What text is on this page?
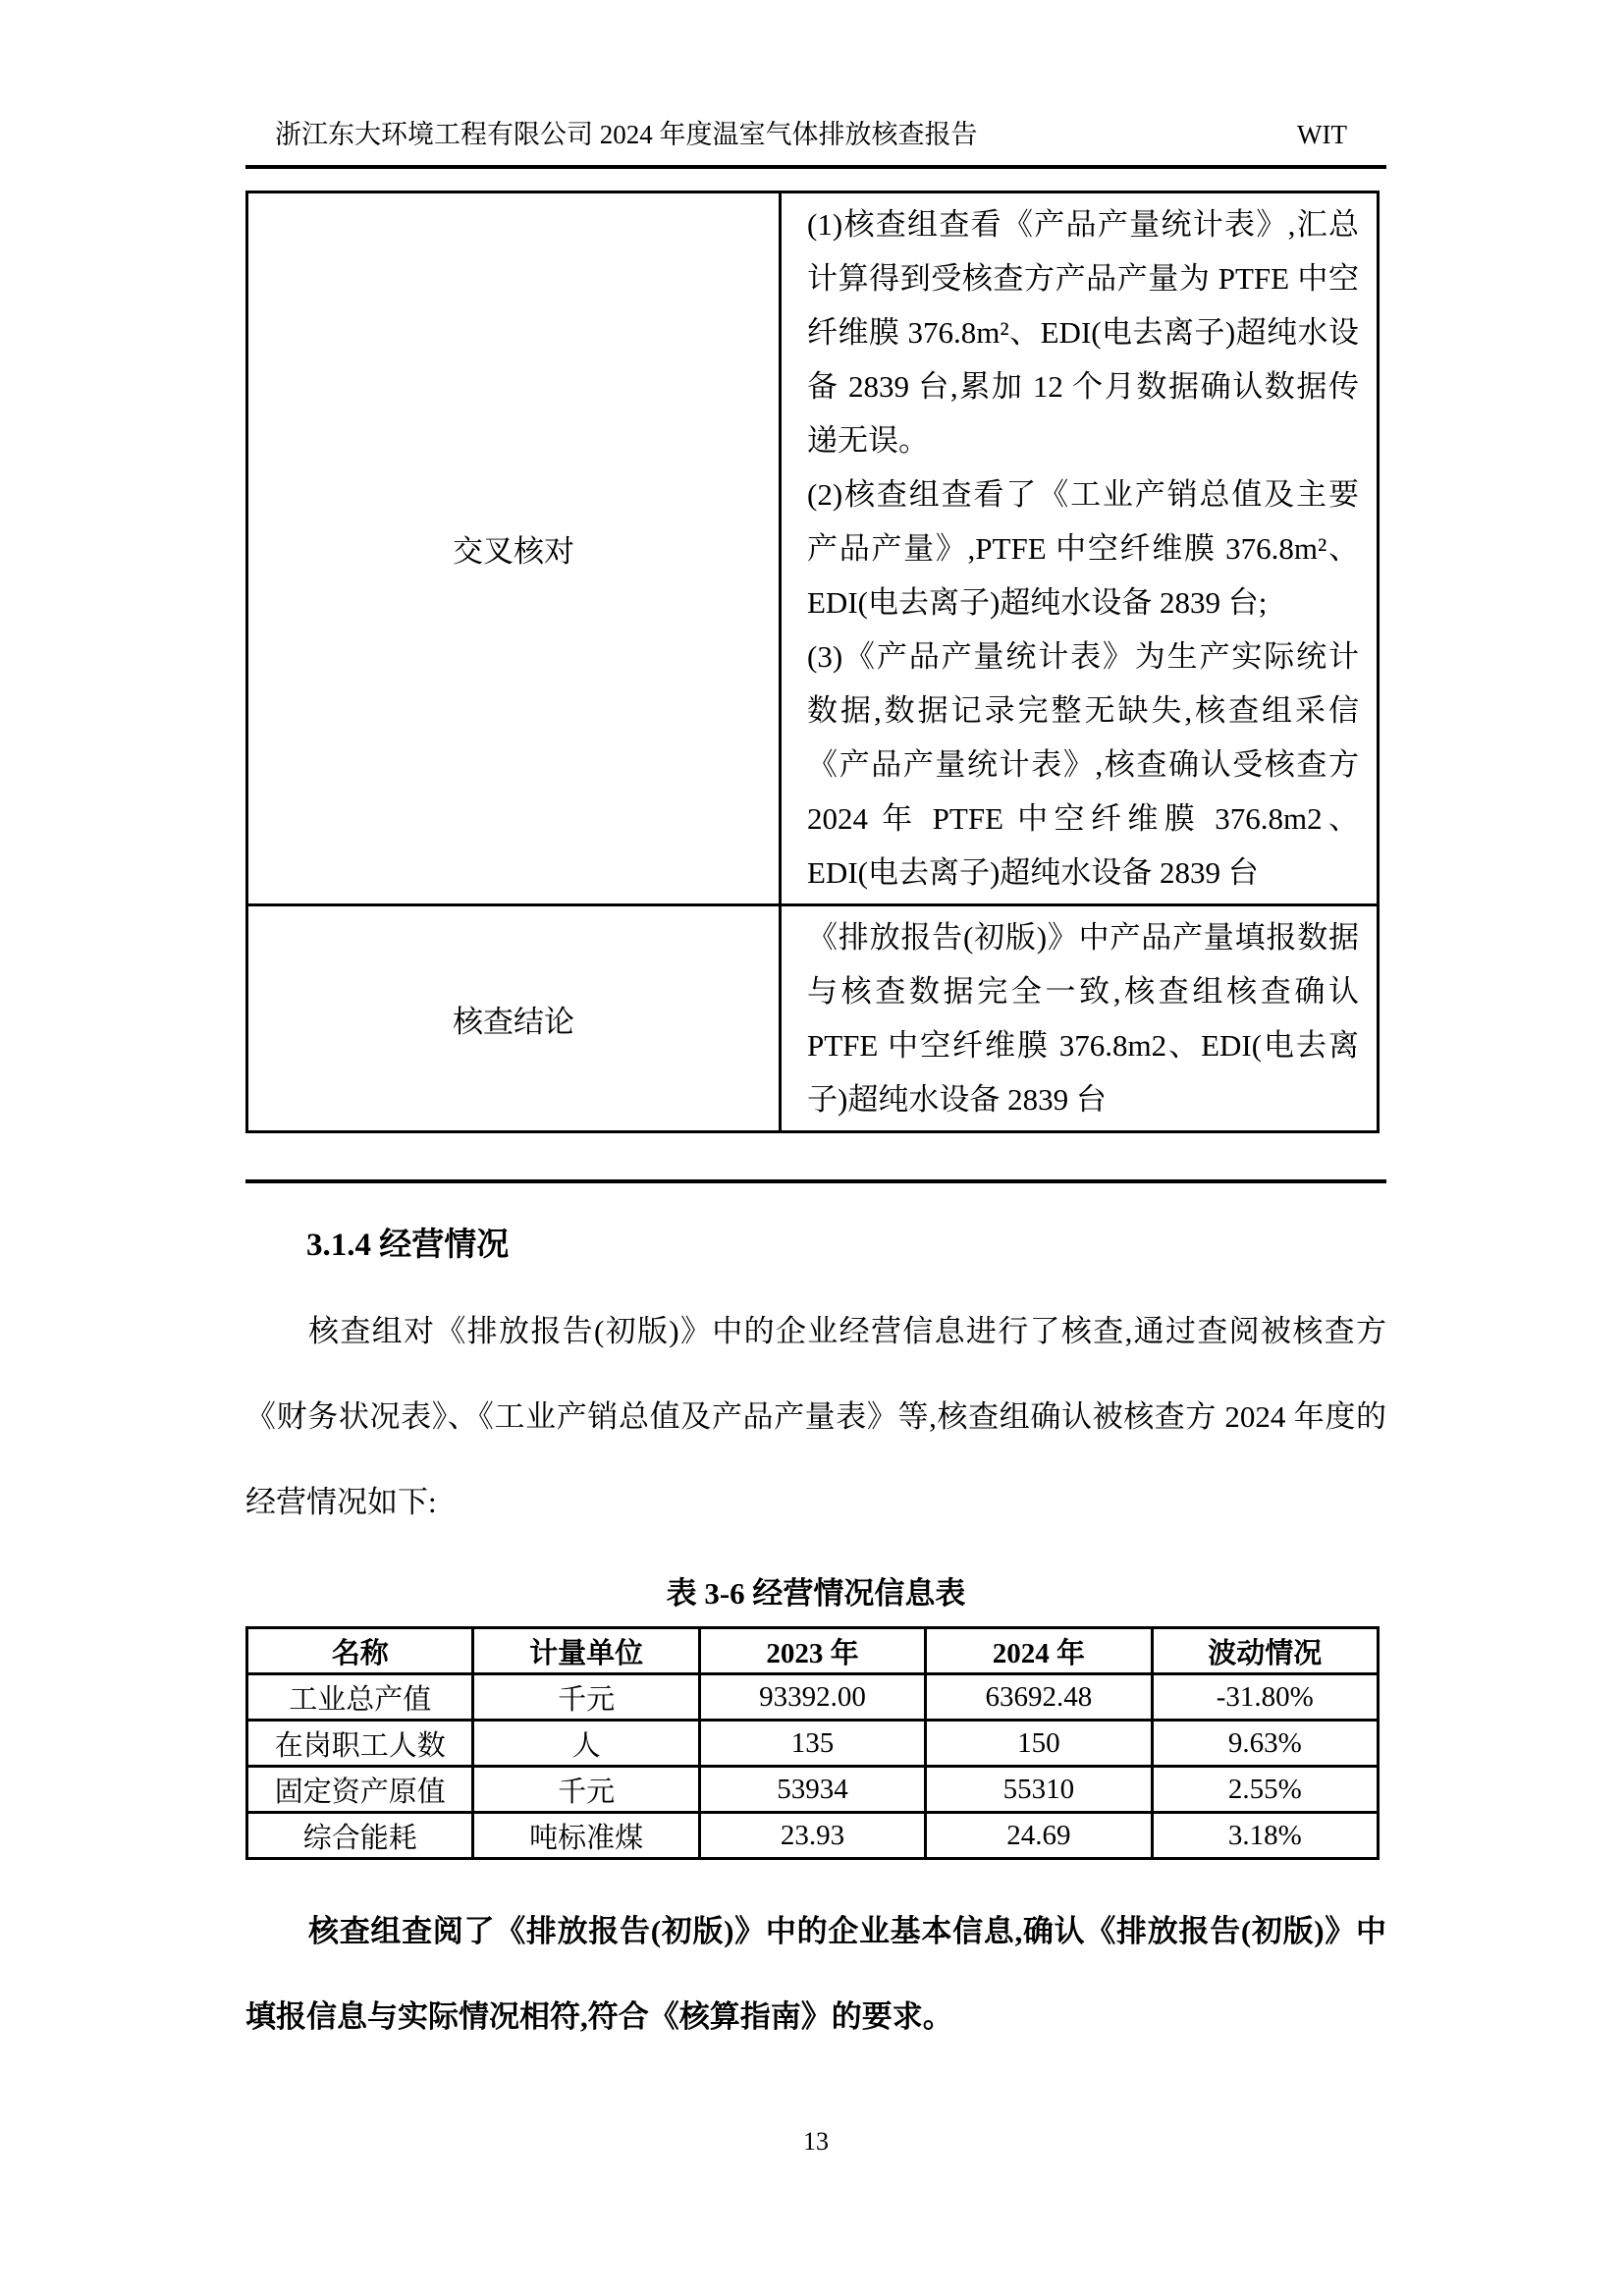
浙江东大环境工程有限公司 2024 年度温室气体排放核查报告	WIT
交叉核对	(1)核查组查看《产品产量统计表》,汇总计算得到受核查方产品产量为 PTFE 中空纤维膜 376.8m²、EDI(电去离子)超纯水设备 2839 台,累加 12 个月数据确认数据传递无误。

(2)核查组查看了《工业产销总值及主要产品产量》,PTFE 中空纤维膜 376.8m²、EDI(电去离子)超纯水设备 2839 台;

(3)《产品产量统计表》为生产实际统计数据,数据记录完整无缺失,核查组采信《产品产量统计表》,核查确认受核查方 2024 年 PTFE 中空纤维膜 376.8m2、EDI(电去离子)超纯水设备 2839 台

核查结论	《排放报告(初版)》中产品产量填报数据与核查数据完全一致,核查组核查确认 PTFE 中空纤维膜 376.8m2、EDI(电去离子)超纯水设备 2839 台

3.1.4 经营情况

核查组对《排放报告(初版)》中的企业经营信息进行了核查,通过查阅被核查方《财务状况表》、《工业产销总值及产品产量表》等,核查组确认被核查方 2024 年度的经营情况如下:

表 3-6 经营情况信息表
名称	计量单位	2023 年	2024 年	波动情况
工业总产值	千元	93392.00	63692.48	-31.80%
在岗职工人数	人	135	150	9.63%
固定资产原值	千元	53934	55310	2.55%
综合能耗	吨标准煤	23.93	24.69	3.18%

核查组查阅了《排放报告(初版)》中的企业基本信息,确认《排放报告(初版)》中填报信息与实际情况相符,符合《核算指南》的要求。

13
